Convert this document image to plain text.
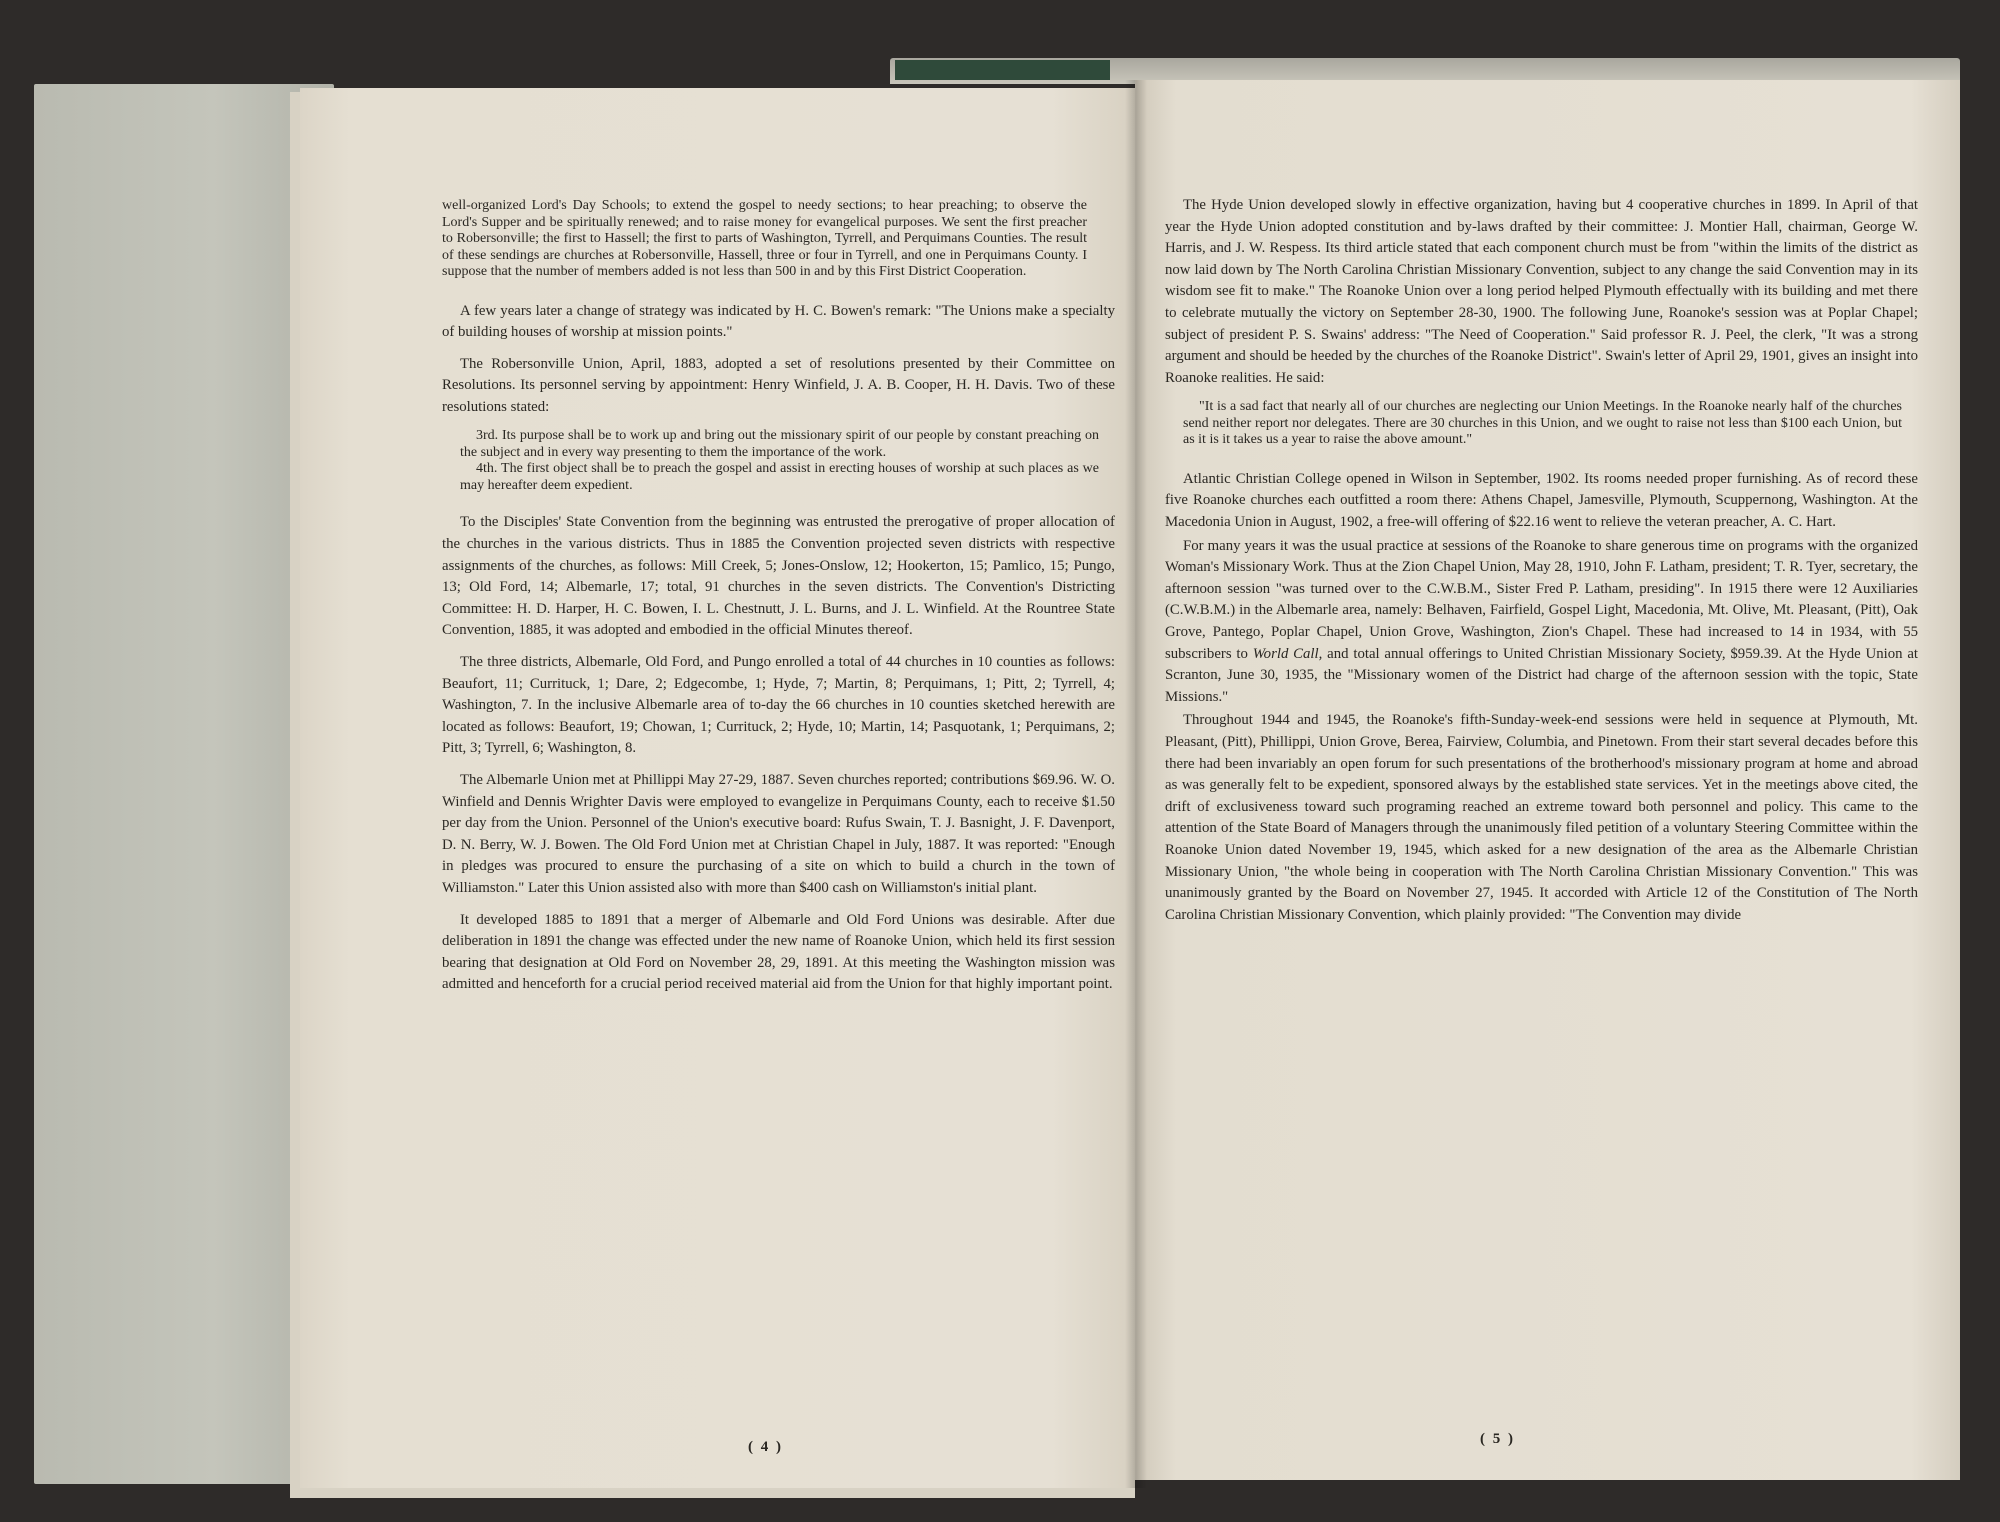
well-organized Lord's Day Schools; to extend the gospel to needy sections; to hear preaching; to observe the Lord's Supper and be spiritually renewed; and to raise money for evangelical purposes. We sent the first preacher to Robersonville; the first to Hassell; the first to parts of Washington, Tyrrell, and Perquimans Counties. The result of these sendings are churches at Robersonville, Hassell, three or four in Tyrrell, and one in Perquimans County. I suppose that the number of members added is not less than 500 in and by this First District Cooperation.

A few years later a change of strategy was indicated by H. C. Bowen's remark: "The Unions make a specialty of building houses of worship at mission points."

The Robersonville Union, April, 1883, adopted a set of resolutions presented by their Committee on Resolutions. Its personnel serving by appointment: Henry Winfield, J. A. B. Cooper, H. H. Davis. Two of these resolutions stated:

3rd. Its purpose shall be to work up and bring out the missionary spirit of our people by constant preaching on the subject and in every way presenting to them the importance of the work.

4th. The first object shall be to preach the gospel and assist in erecting houses of worship at such places as we may hereafter deem expedient.

To the Disciples' State Convention from the beginning was entrusted the prerogative of proper allocation of the churches in the various districts. Thus in 1885 the Convention projected seven districts with respective assignments of the churches, as follows: Mill Creek, 5; Jones-Onslow, 12; Hookerton, 15; Pamlico, 15; Pungo, 13; Old Ford, 14; Albemarle, 17; total, 91 churches in the seven districts. The Convention's Districting Committee: H. D. Harper, H. C. Bowen, I. L. Chestnutt, J. L. Burns, and J. L. Winfield. At the Rountree State Convention, 1885, it was adopted and embodied in the official Minutes thereof.

The three districts, Albemarle, Old Ford, and Pungo enrolled a total of 44 churches in 10 counties as follows: Beaufort, 11; Currituck, 1; Dare, 2; Edgecombe, 1; Hyde, 7; Martin, 8; Perquimans, 1; Pitt, 2; Tyrrell, 4; Washington, 7. In the inclusive Albemarle area of to-day the 66 churches in 10 counties sketched herewith are located as follows: Beaufort, 19; Chowan, 1; Currituck, 2; Hyde, 10; Martin, 14; Pasquotank, 1; Perquimans, 2; Pitt, 3; Tyrrell, 6; Washington, 8.

The Albemarle Union met at Phillippi May 27-29, 1887. Seven churches reported; contributions $69.96. W. O. Winfield and Dennis Wrighter Davis were employed to evangelize in Perquimans County, each to receive $1.50 per day from the Union. Personnel of the Union's executive board: Rufus Swain, T. J. Basnight, J. F. Davenport, D. N. Berry, W. J. Bowen. The Old Ford Union met at Christian Chapel in July, 1887. It was reported: "Enough in pledges was procured to ensure the purchasing of a site on which to build a church in the town of Williamston." Later this Union assisted also with more than $400 cash on Williamston's initial plant.

It developed 1885 to 1891 that a merger of Albemarle and Old Ford Unions was desirable. After due deliberation in 1891 the change was effected under the new name of Roanoke Union, which held its first session bearing that designation at Old Ford on November 28, 29, 1891. At this meeting the Washington mission was admitted and henceforth for a crucial period received material aid from the Union for that highly important point.

( 4 )

The Hyde Union developed slowly in effective organization, having but 4 cooperative churches in 1899. In April of that year the Hyde Union adopted constitution and by-laws drafted by their committee: J. Montier Hall, chairman, George W. Harris, and J. W. Respess. Its third article stated that each component church must be from "within the limits of the district as now laid down by The North Carolina Christian Missionary Convention, subject to any change the said Convention may in its wisdom see fit to make." The Roanoke Union over a long period helped Plymouth effectually with its building and met there to celebrate mutually the victory on September 28-30, 1900. The following June, Roanoke's session was at Poplar Chapel; subject of president P. S. Swains' address: "The Need of Cooperation." Said professor R. J. Peel, the clerk, "It was a strong argument and should be heeded by the churches of the Roanoke District". Swain's letter of April 29, 1901, gives an insight into Roanoke realities. He said:

"It is a sad fact that nearly all of our churches are neglecting our Union Meetings. In the Roanoke nearly half of the churches send neither report nor delegates. There are 30 churches in this Union, and we ought to raise not less than $100 each Union, but as it is it takes us a year to raise the above amount."

Atlantic Christian College opened in Wilson in September, 1902. Its rooms needed proper furnishing. As of record these five Roanoke churches each outfitted a room there: Athens Chapel, Jamesville, Plymouth, Scuppernong, Washington. At the Macedonia Union in August, 1902, a free-will offering of $22.16 went to relieve the veteran preacher, A. C. Hart.

For many years it was the usual practice at sessions of the Roanoke to share generous time on programs with the organized Woman's Missionary Work. Thus at the Zion Chapel Union, May 28, 1910, John F. Latham, president; T. R. Tyer, secretary, the afternoon session "was turned over to the C.W.B.M., Sister Fred P. Latham, presiding". In 1915 there were 12 Auxiliaries (C.W.B.M.) in the Albemarle area, namely: Belhaven, Fairfield, Gospel Light, Macedonia, Mt. Olive, Mt. Pleasant, (Pitt), Oak Grove, Pantego, Poplar Chapel, Union Grove, Washington, Zion's Chapel. These had increased to 14 in 1934, with 55 subscribers to World Call, and total annual offerings to United Christian Missionary Society, $959.39. At the Hyde Union at Scranton, June 30, 1935, the "Missionary women of the District had charge of the afternoon session with the topic, State Missions."

Throughout 1944 and 1945, the Roanoke's fifth-Sunday-week-end sessions were held in sequence at Plymouth, Mt. Pleasant, (Pitt), Phillippi, Union Grove, Berea, Fairview, Columbia, and Pinetown. From their start several decades before this there had been invariably an open forum for such presentations of the brotherhood's missionary program at home and abroad as was generally felt to be expedient, sponsored always by the established state services. Yet in the meetings above cited, the drift of exclusiveness toward such programing reached an extreme toward both personnel and policy. This came to the attention of the State Board of Managers through the unanimously filed petition of a voluntary Steering Committee within the Roanoke Union dated November 19, 1945, which asked for a new designation of the area as the Albemarle Christian Missionary Union, "the whole being in cooperation with The North Carolina Christian Missionary Convention." This was unanimously granted by the Board on November 27, 1945. It accorded with Article 12 of the Constitution of The North Carolina Christian Missionary Convention, which plainly provided: "The Convention may divide

( 5 )
